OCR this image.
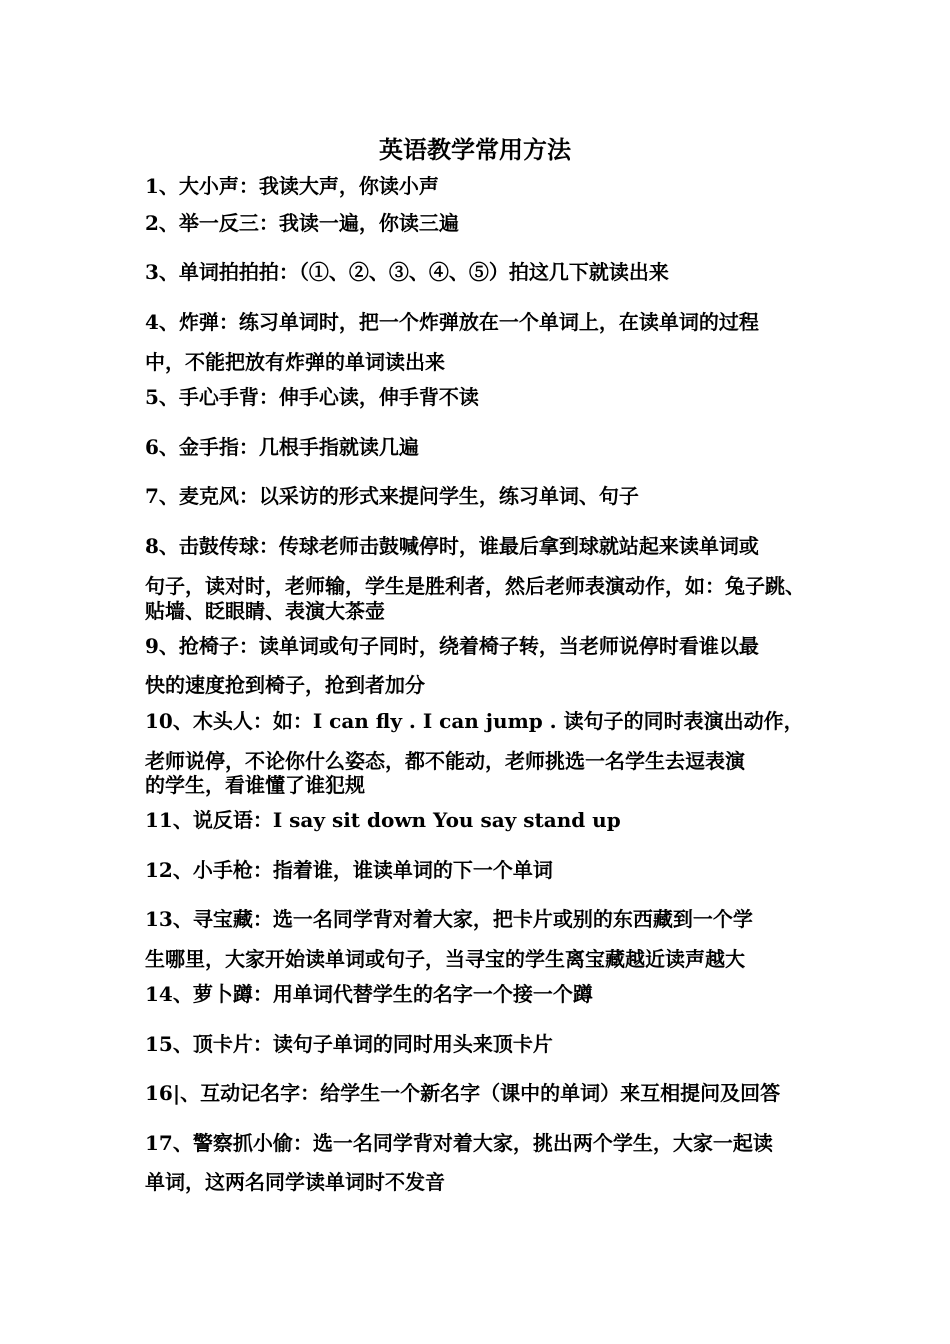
英语教学常用方法

1、大小声：我读大声，你读小声

2、举一反三：我读一遍，你读三遍

3、单词拍拍拍：（①、②、③、④、⑤）拍这几下就读出来

4、炸弹：练习单词时，把一个炸弹放在一个单词上，在读单词的过程

中，不能把放有炸弹的单词读出来

5、手心手背：伸手心读，伸手背不读

6、金手指：几根手指就读几遍

7、麦克风：以采访的形式来提问学生，练习单词、句子

8、击鼓传球：传球老师击鼓喊停时，谁最后拿到球就站起来读单词或

句子，读对时，老师输，学生是胜利者，然后老师表演动作，如：兔子跳、

贴墙、眨眼睛、表演大茶壶

9、抢椅子：读单词或句子同时，绕着椅子转，当老师说停时看谁以最

快的速度抢到椅子，抢到者加分

10、木头人：如：I can fly . I can jump . 读句子的同时表演出动作，

老师说停，不论你什么姿态，都不能动，老师挑选一名学生去逗表演

的学生，看谁懂了谁犯规

11、说反语：I say sit down You say stand up

12、小手枪：指着谁，谁读单词的下一个单词

13、寻宝藏：选一名同学背对着大家，把卡片或别的东西藏到一个学

生哪里，大家开始读单词或句子，当寻宝的学生离宝藏越近读声越大

14、萝卜蹲：用单词代替学生的名字一个接一个蹲

15、顶卡片：读句子单词的同时用头来顶卡片

16|、互动记名字：给学生一个新名字（课中的单词）来互相提问及回答

17、警察抓小偷：选一名同学背对着大家，挑出两个学生，大家一起读

单词，这两名同学读单词时不发音
